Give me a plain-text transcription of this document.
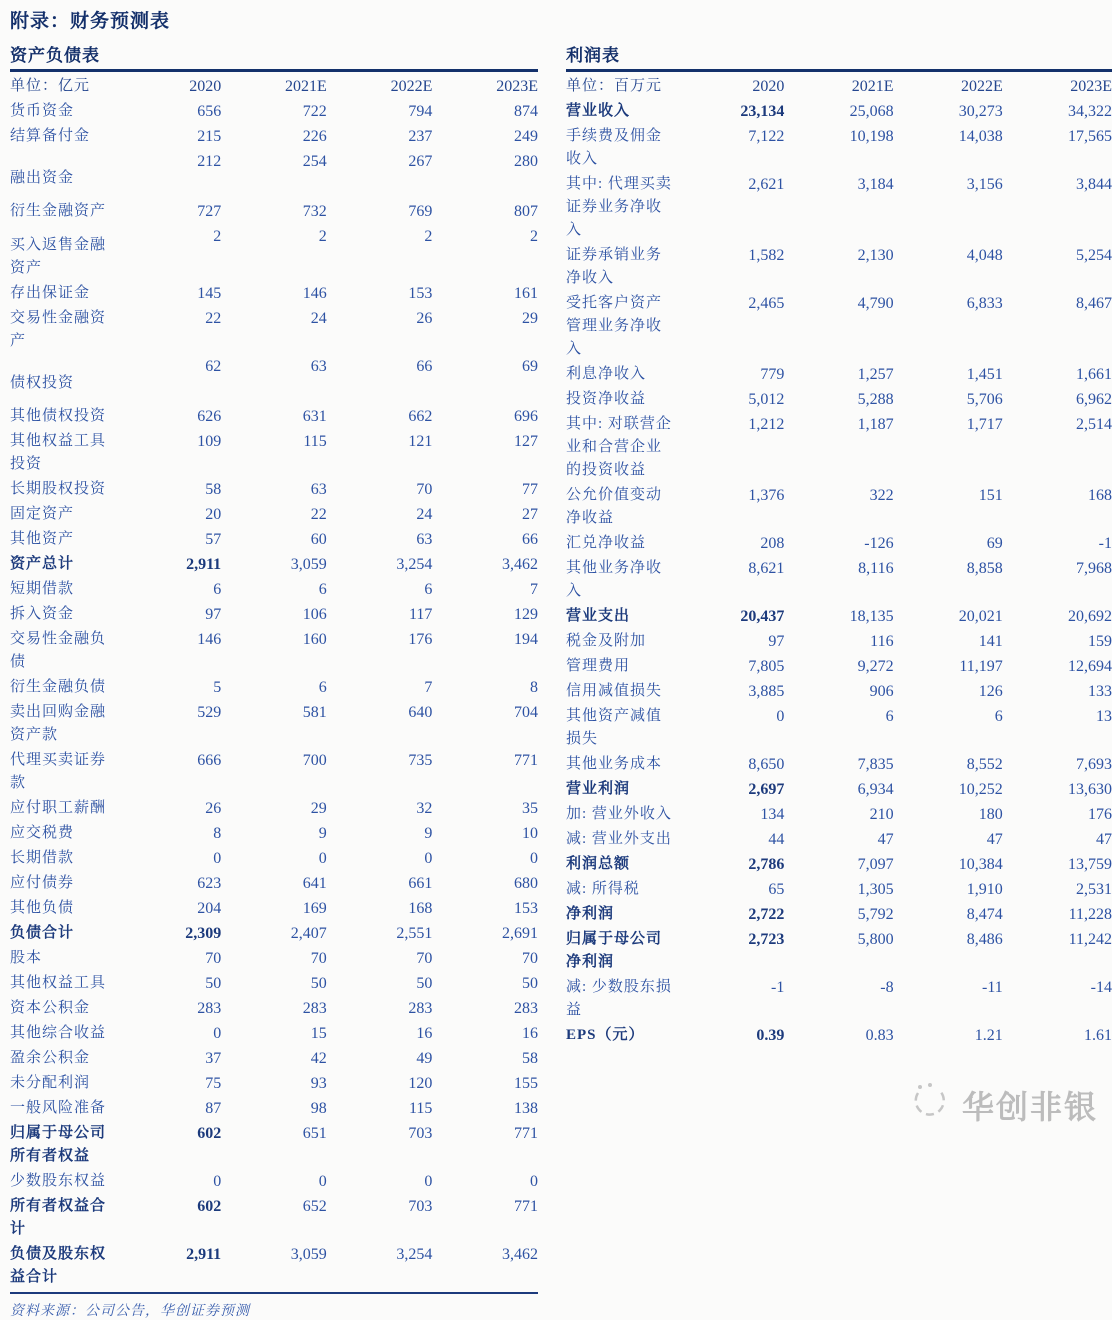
附录：财务预测表
资产负债表
单位：亿元	2020	2021E	2022E	2023E
货币资金	656	722	794	874
结算备付金	215	226	237	249
融出资金	212	254	267	280
衍生金融资产	727	732	769	807
买入返售金融资产	2	2	2	2
存出保证金	145	146	153	161
交易性金融资产	22	24	26	29
债权投资	62	63	66	69
其他债权投资	626	631	662	696
其他权益工具投资	109	115	121	127
长期股权投资	58	63	70	77
固定资产	20	22	24	27
其他资产	57	60	63	66
资产总计	2,911	3,059	3,254	3,462
短期借款	6	6	6	7
拆入资金	97	106	117	129
交易性金融负债	146	160	176	194
衍生金融负债	5	6	7	8
卖出回购金融资产款	529	581	640	704
代理买卖证券款	666	700	735	771
应付职工薪酬	26	29	32	35
应交税费	8	9	9	10
长期借款	0	0	0	0
应付债券	623	641	661	680
其他负债	204	169	168	153
负债合计	2,309	2,407	2,551	2,691
股本	70	70	70	70
其他权益工具	50	50	50	50
资本公积金	283	283	283	283
其他综合收益	0	15	16	16
盈余公积金	37	42	49	58
未分配利润	75	93	120	155
一般风险准备	87	98	115	138
归属于母公司所有者权益	602	651	703	771
少数股东权益	0	0	0	0
所有者权益合计	602	652	703	771
负债及股东权益合计	2,911	3,059	3,254	3,462
资料来源：公司公告，华创证券预测
利润表
单位：百万元	2020	2021E	2022E	2023E
营业收入	23,134	25,068	30,273	34,322
手续费及佣金收入	7,122	10,198	14,038	17,565
其中: 代理买卖证券业务净收入	2,621	3,184	3,156	3,844
证券承销业务净收入	1,582	2,130	4,048	5,254
受托客户资产管理业务净收入	2,465	4,790	6,833	8,467
利息净收入	779	1,257	1,451	1,661
投资净收益	5,012	5,288	5,706	6,962
其中: 对联营企业和合营企业的投资收益	1,212	1,187	1,717	2,514
公允价值变动净收益	1,376	322	151	168
汇兑净收益	208	-126	69	-1
其他业务净收入	8,621	8,116	8,858	7,968
营业支出	20,437	18,135	20,021	20,692
税金及附加	97	116	141	159
管理费用	7,805	9,272	11,197	12,694
信用减值损失	3,885	906	126	133
其他资产减值损失	0	6	6	13
其他业务成本	8,650	7,835	8,552	7,693
营业利润	2,697	6,934	10,252	13,630
加: 营业外收入	134	210	180	176
减: 营业外支出	44	47	47	47
利润总额	2,786	7,097	10,384	13,759
减: 所得税	65	1,305	1,910	2,531
净利润	2,722	5,792	8,474	11,228
归属于母公司净利润	2,723	5,800	8,486	11,242
减: 少数股东损益	-1	-8	-11	-14
EPS（元）	0.39	0.83	1.21	1.61
华创非银
